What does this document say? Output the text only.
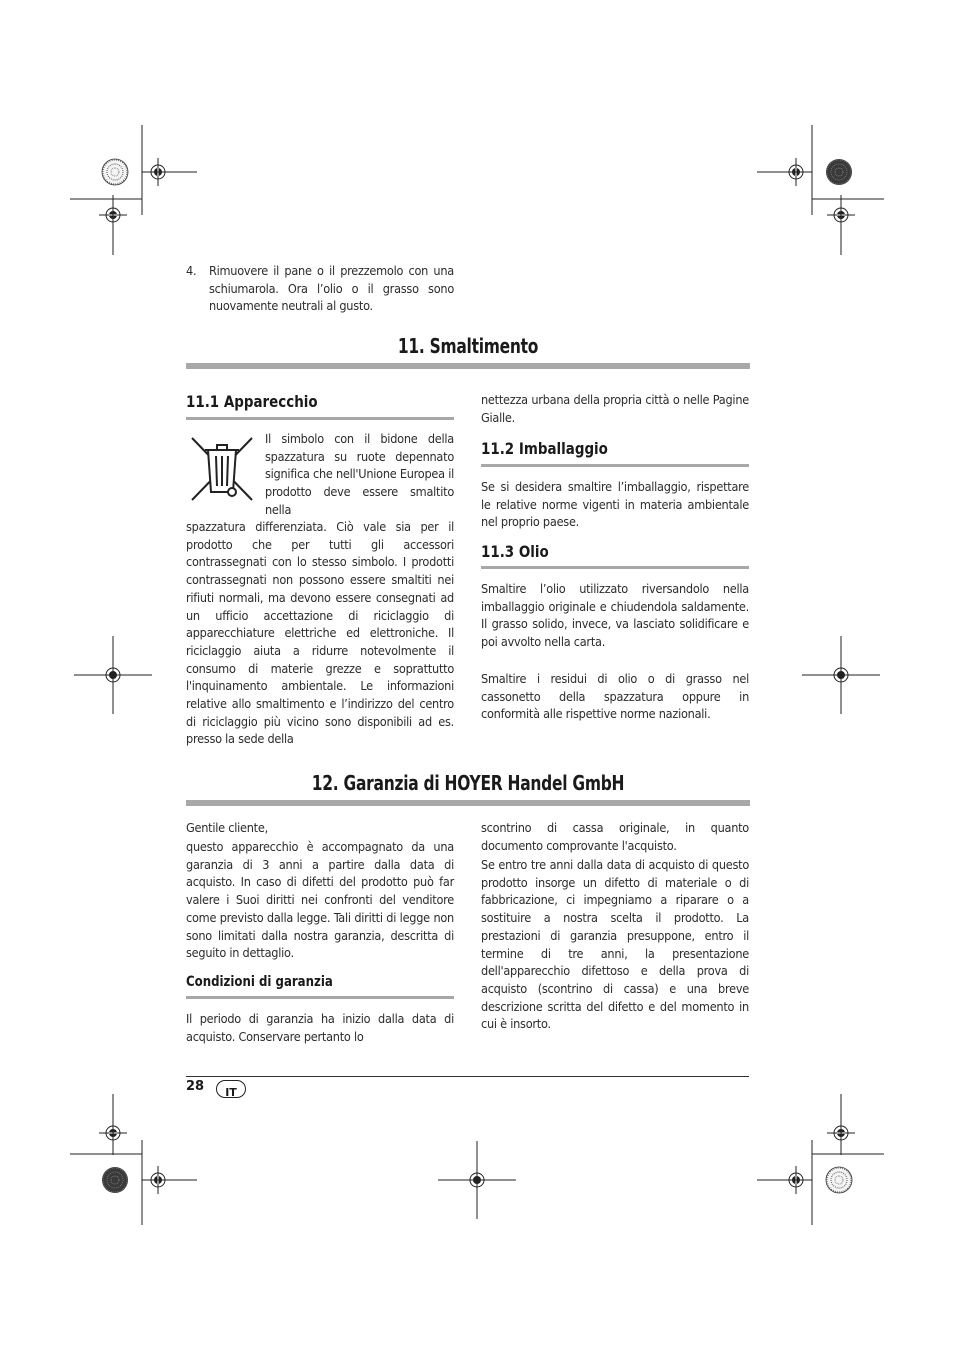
4. Rimuovere il pane o il prezzemolo con una schiumarola. Ora l’olio o il grasso sono nuovamente neutrali al gusto.

11. Smaltimento
11.1 Apparecchio

Il simbolo con il bidone della spazzatura su ruote depennato significa che nell'Unione Europea il prodotto deve essere smaltito nella

spazzatura differenziata. Ciò vale sia per il prodotto che per tutti gli accessori contrassegnati con lo stesso simbolo. I prodotti contrassegnati non possono essere smaltiti nei rifiuti normali, ma devono essere consegnati ad un ufficio accettazione di riciclaggio di apparecchiature elettriche ed elettroniche. Il riciclaggio aiuta a ridurre notevolmente il consumo di materie grezze e soprattutto l'inquinamento ambientale. Le informazioni relative allo smaltimento e l’indirizzo del centro di riciclaggio più vicino sono disponibili ad es. presso la sede della

nettezza urbana della propria città o nelle Pagine Gialle.

11.2 Imballaggio

Se si desidera smaltire l’imballaggio, rispettare le relative norme vigenti in materia ambientale nel proprio paese.

11.3 Olio

Smaltire l’olio utilizzato riversandolo nella imballaggio originale e chiudendola saldamente. Il grasso solido, invece, va lasciato solidificare e poi avvolto nella carta.

Smaltire i residui di olio o di grasso nel cassonetto della spazzatura oppure in conformità alle rispettive norme nazionali.

12. Garanzia di HOYER Handel GmbH

Gentile cliente,

questo apparecchio è accompagnato da una garanzia di 3 anni a partire dalla data di acquisto. In caso di difetti del prodotto può far valere i Suoi diritti nei confronti del venditore come previsto dalla legge. Tali diritti di legge non sono limitati dalla nostra garanzia, descritta di seguito in dettaglio.

Condizioni di garanzia

Il periodo di garanzia ha inizio dalla data di acquisto. Conservare pertanto lo

scontrino di cassa originale, in quanto documento comprovante l'acquisto.

Se entro tre anni dalla data di acquisto di questo prodotto insorge un difetto di materiale o di fabbricazione, ci impegniamo a riparare o a sostituire a nostra scelta il prodotto. La prestazioni di garanzia presuppone, entro il termine di tre anni, la presentazione dell'apparecchio difettoso e della prova di acquisto (scontrino di cassa) e una breve descrizione scritta del difetto e del momento in cui è insorto.

28	IT
